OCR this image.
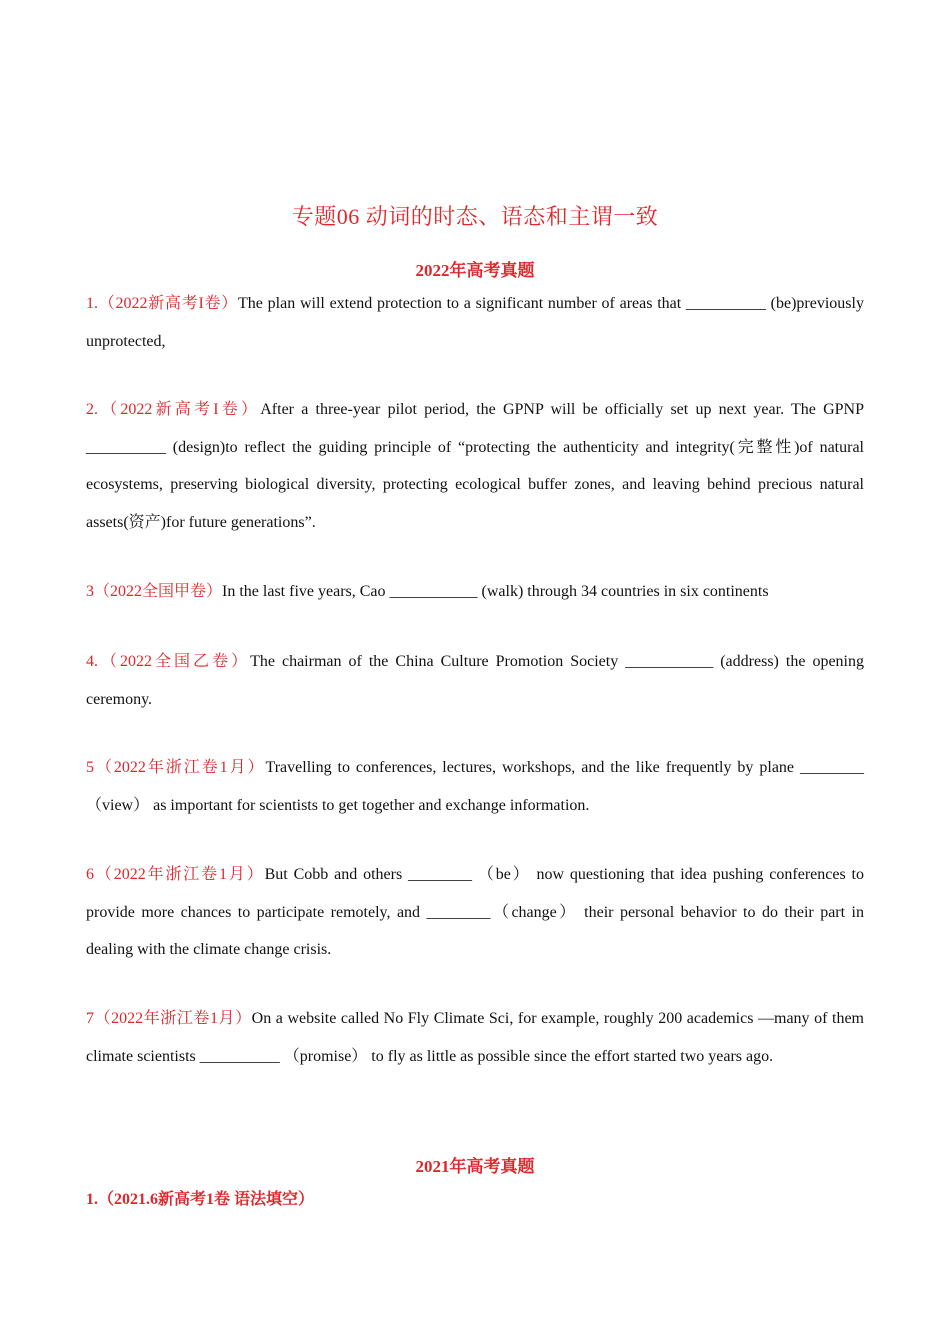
专题06 动词的时态、语态和主谓一致
2022年高考真题
1.（2022新高考I卷）The plan will extend protection to a significant number of areas that __________ (be)previously unprotected,
2.（2022新高考I卷）After a three-year pilot period, the GPNP will be officially set up next year. The GPNP __________ (design)to reflect the guiding principle of “protecting the authenticity and integrity(完整性)of natural ecosystems, preserving biological diversity, protecting ecological buffer zones, and leaving behind precious natural assets(资产)for future generations”.
3（2022全国甲卷）In the last five years, Cao ___________ (walk) through 34 countries in six continents
4.（2022全国乙卷）The chairman of the China Culture Promotion Society ___________ (address) the opening ceremony.
5（2022年浙江卷1月）Travelling to conferences, lectures, workshops, and the like frequently by plane ________（view） as important for scientists to get together and exchange information.
6（2022年浙江卷1月）But Cobb and others ________ （be） now questioning that idea pushing conferences to provide more chances to participate remotely, and ________（change） their personal behavior to do their part in dealing with the climate change crisis.
7（2022年浙江卷1月）On a website called No Fly Climate Sci, for example, roughly 200 academics —many of them climate scientists __________ （promise） to fly as little as possible since the effort started two years ago.
2021年高考真题
1.（2021.6新高考1卷 语法填空）
